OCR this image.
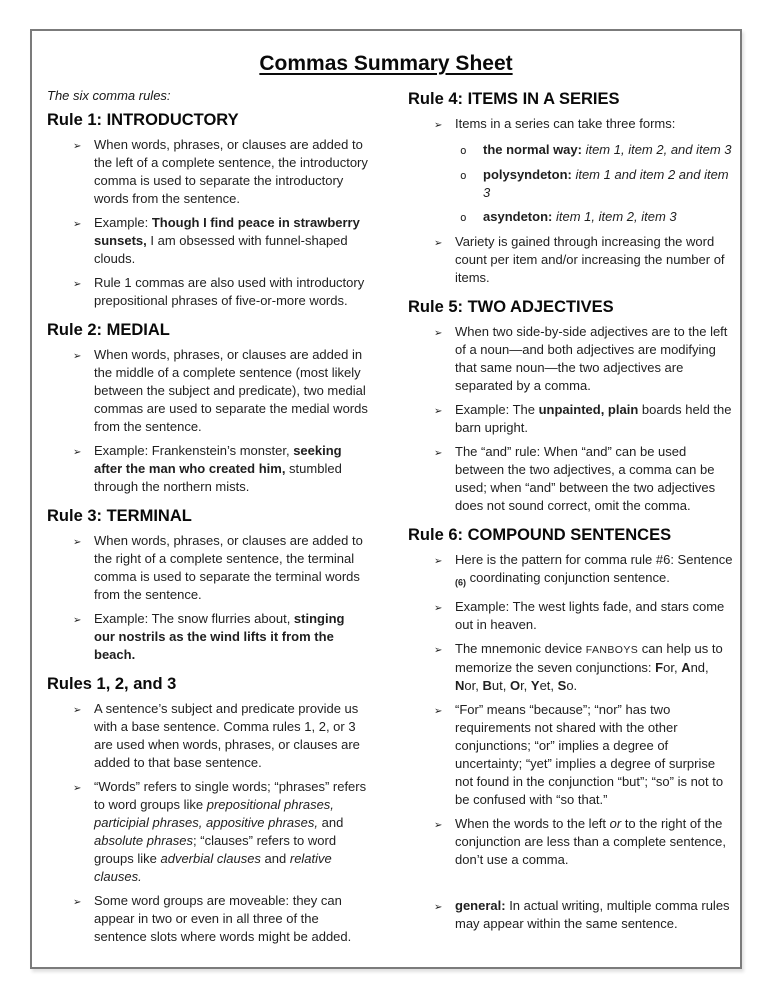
Commas Summary Sheet
The six comma rules:
Rule 1: INTRODUCTORY
➢ When words, phrases, or clauses are added to the left of a complete sentence, the introductory comma is used to separate the introductory words from the sentence.
➢ Example: Though I find peace in strawberry sunsets, I am obsessed with funnel-shaped clouds.
➢ Rule 1 commas are also used with introductory prepositional phrases of five-or-more words.
Rule 2: MEDIAL
➢ When words, phrases, or clauses are added in the middle of a complete sentence (most likely between the subject and predicate), two medial commas are used to separate the medial words from the sentence.
➢ Example: Frankenstein’s monster, seeking after the man who created him, stumbled through the northern mists.
Rule 3: TERMINAL
➢ When words, phrases, or clauses are added to the right of a complete sentence, the terminal comma is used to separate the terminal words from the sentence.
➢ Example: The snow flurries about, stinging our nostrils as the wind lifts it from the beach.
Rules 1, 2, and 3
➢ A sentence’s subject and predicate provide us with a base sentence. Comma rules 1, 2, or 3 are used when words, phrases, or clauses are added to that base sentence.
➢ “Words” refers to single words; “phrases” refers to word groups like prepositional phrases, participial phrases, appositive phrases, and absolute phrases; “clauses” refers to word groups like adverbial clauses and relative clauses.
➢ Some word groups are moveable: they can appear in two or even in all three of the sentence slots where words might be added.
Rule 4: ITEMS IN A SERIES
➢ Items in a series can take three forms:
o	the normal way: item 1, item 2, and item 3
o	polysyndeton: item 1 and item 2 and item 3
o	asyndeton: item 1, item 2, item 3
➢ Variety is gained through increasing the word count per item and/or increasing the number of items.
Rule 5: TWO ADJECTIVES
➢ When two side-by-side adjectives are to the left of a noun—and both adjectives are modifying that same noun—the two adjectives are separated by a comma.
➢ Example: The unpainted, plain boards held the barn upright.
➢ The “and” rule: When “and” can be used between the two adjectives, a comma can be used; when “and” between the two adjectives does not sound correct, omit the comma.
Rule 6: COMPOUND SENTENCES
➢ Here is the pattern for comma rule #6: Sentence $_{(6)}$ coordinating conjunction sentence.
➢ Example: The west lights fade, and stars come out in heaven.
➢ The mnemonic device FANBOYS can help us to memorize the seven conjunctions: For, And, Nor, But, Or, Yet, So.
➢ “For” means “because”; “nor” has two requirements not shared with the other conjunctions; “or” implies a degree of uncertainty; “yet” implies a degree of surprise not found in the conjunction “but”; “so” is not to be confused with “so that.”
➢ When the words to the left or to the right of the conjunction are less than a complete sentence, don’t use a comma.
➢ general: In actual writing, multiple comma rules may appear within the same sentence.
